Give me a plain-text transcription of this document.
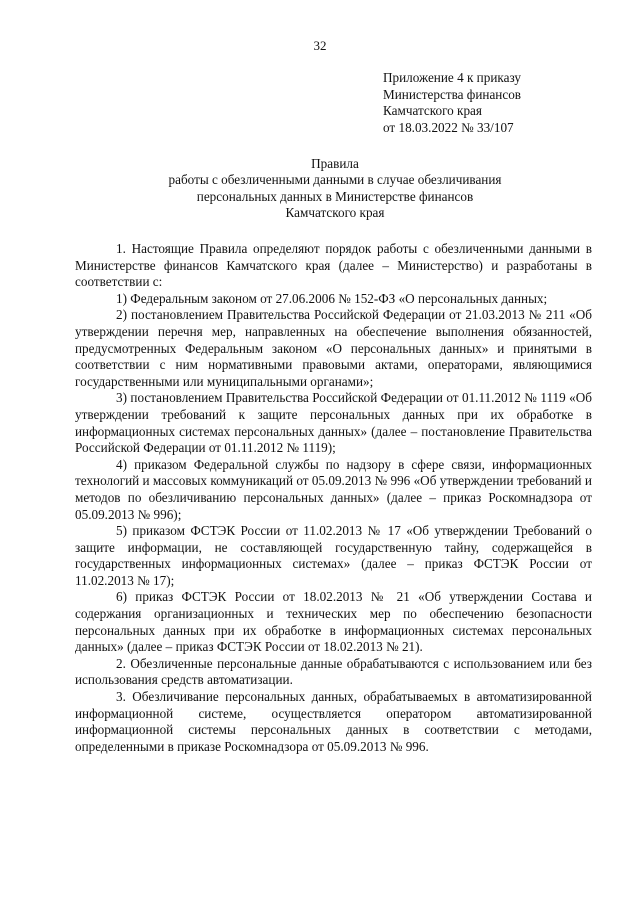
32
Приложение 4 к приказу
Министерства финансов
Камчатского края
от 18.03.2022 № 33/107
Правила
работы с обезличенными данными в случае обезличивания
персональных данных в Министерстве финансов
Камчатского края

1. Настоящие Правила определяют порядок работы с обезличенными данными в Министерстве финансов Камчатского края (далее – Министерство) и разработаны в соответствии с:

1) Федеральным законом от 27.06.2006 № 152-ФЗ «О персональных данных;

2) постановлением Правительства Российской Федерации от 21.03.2013 № 211 «Об утверждении перечня мер, направленных на обеспечение выполнения обязанностей, предусмотренных Федеральным законом «О персональных данных» и принятыми в соответствии с ним нормативными правовыми актами, операторами, являющимися государственными или муниципальными органами»;

3) постановлением Правительства Российской Федерации от 01.11.2012 № 1119 «Об утверждении требований к защите персональных данных при их обработке в информационных системах персональных данных» (далее – постановление Правительства Российской Федерации от 01.11.2012 № 1119);

4) приказом Федеральной службы по надзору в сфере связи, информационных технологий и массовых коммуникаций от 05.09.2013 № 996 «Об утверждении требований и методов по обезличиванию персональных данных» (далее – приказ Роскомнадзора от 05.09.2013 № 996);

5) приказом ФСТЭК России от 11.02.2013 № 17 «Об утверждении Требований о защите информации, не составляющей государственную тайну, содержащейся в государственных информационных системах» (далее – приказ ФСТЭК России от 11.02.2013 № 17);

6) приказ ФСТЭК России от 18.02.2013 № 21 «Об утверждении Состава и содержания организационных и технических мер по обеспечению безопасности персональных данных при их обработке в информационных системах персональных данных» (далее – приказ ФСТЭК России от 18.02.2013 № 21).

2. Обезличенные персональные данные обрабатываются с использованием или без использования средств автоматизации.

3. Обезличивание персональных данных, обрабатываемых в автоматизированной информационной системе, осуществляется оператором автоматизированной информационной системы персональных данных в соответствии с методами, определенными в приказе Роскомнадзора от 05.09.2013 № 996.
